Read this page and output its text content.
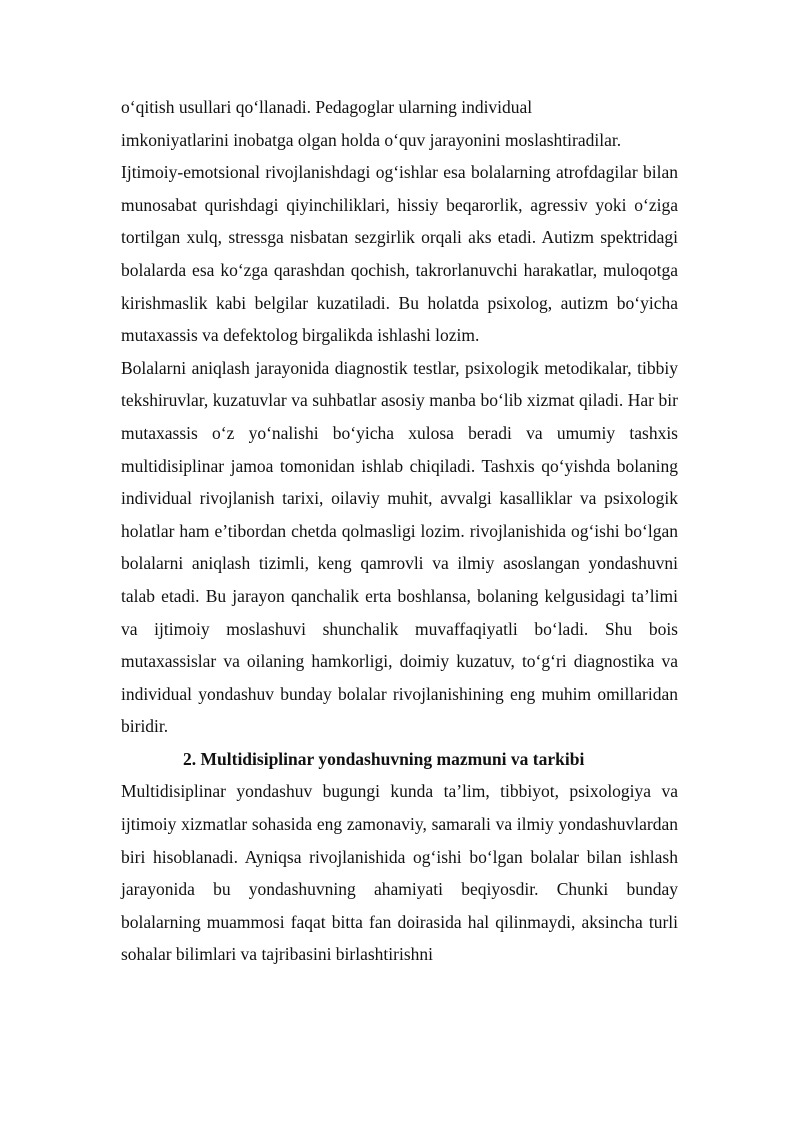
o‘qitish usullari qo‘llanadi. Pedagoglar ularning individual
imkoniyatlarini inobatga olgan holda o‘quv jarayonini moslashtiradilar.

Ijtimoiy-emotsional rivojlanishdagi og‘ishlar esa bolalarning atrofdagilar bilan munosabat qurishdagi qiyinchiliklari, hissiy beqarorlik, agressiv yoki o‘ziga tortilgan xulq, stressga nisbatan sezgirlik orqali aks etadi. Autizm spektridagi bolalarda esa ko‘zga qarashdan qochish, takrorlanuvchi harakatlar, muloqotga kirishmaslik kabi belgilar kuzatiladi. Bu holatda psixolog, autizm bo‘yicha mutaxassis va defektolog birgalikda ishlashi lozim.

Bolalarni aniqlash jarayonida diagnostik testlar, psixologik metodikalar, tibbiy tekshiruvlar, kuzatuvlar va suhbatlar asosiy manba bo‘lib xizmat qiladi. Har bir mutaxassis o‘z yo‘nalishi bo‘yicha xulosa beradi va umumiy tashxis multidisiplinar jamoa tomonidan ishlab chiqiladi. Tashxis qo‘yishda bolaning individual rivojlanish tarixi, oilaviy muhit, avvalgi kasalliklar va psixologik holatlar ham e’tibordan chetda qolmasligi lozim. rivojlanishida og‘ishi bo‘lgan bolalarni aniqlash tizimli, keng qamrovli va ilmiy asoslangan yondashuvni talab etadi. Bu jarayon qanchalik erta boshlansa, bolaning kelgusidagi ta’limi va ijtimoiy moslashuvi shunchalik muvaffaqiyatli bo‘ladi. Shu bois mutaxassislar va oilaning hamkorligi, doimiy kuzatuv, to‘g‘ri diagnostika va individual yondashuv bunday bolalar rivojlanishining eng muhim omillaridan biridir.

2. Multidisiplinar yondashuvning mazmuni va tarkibi

Multidisiplinar yondashuv bugungi kunda ta’lim, tibbiyot, psixologiya va ijtimoiy xizmatlar sohasida eng zamonaviy, samarali va ilmiy yondashuvlardan biri hisoblanadi. Ayniqsa rivojlanishida og‘ishi bo‘lgan bolalar bilan ishlash jarayonida bu yondashuvning ahamiyati beqiyosdir. Chunki bunday bolalarning muammosi faqat bitta fan doirasida hal qilinmaydi, aksincha turli sohalar bilimlari va tajribasini birlashtirishni
